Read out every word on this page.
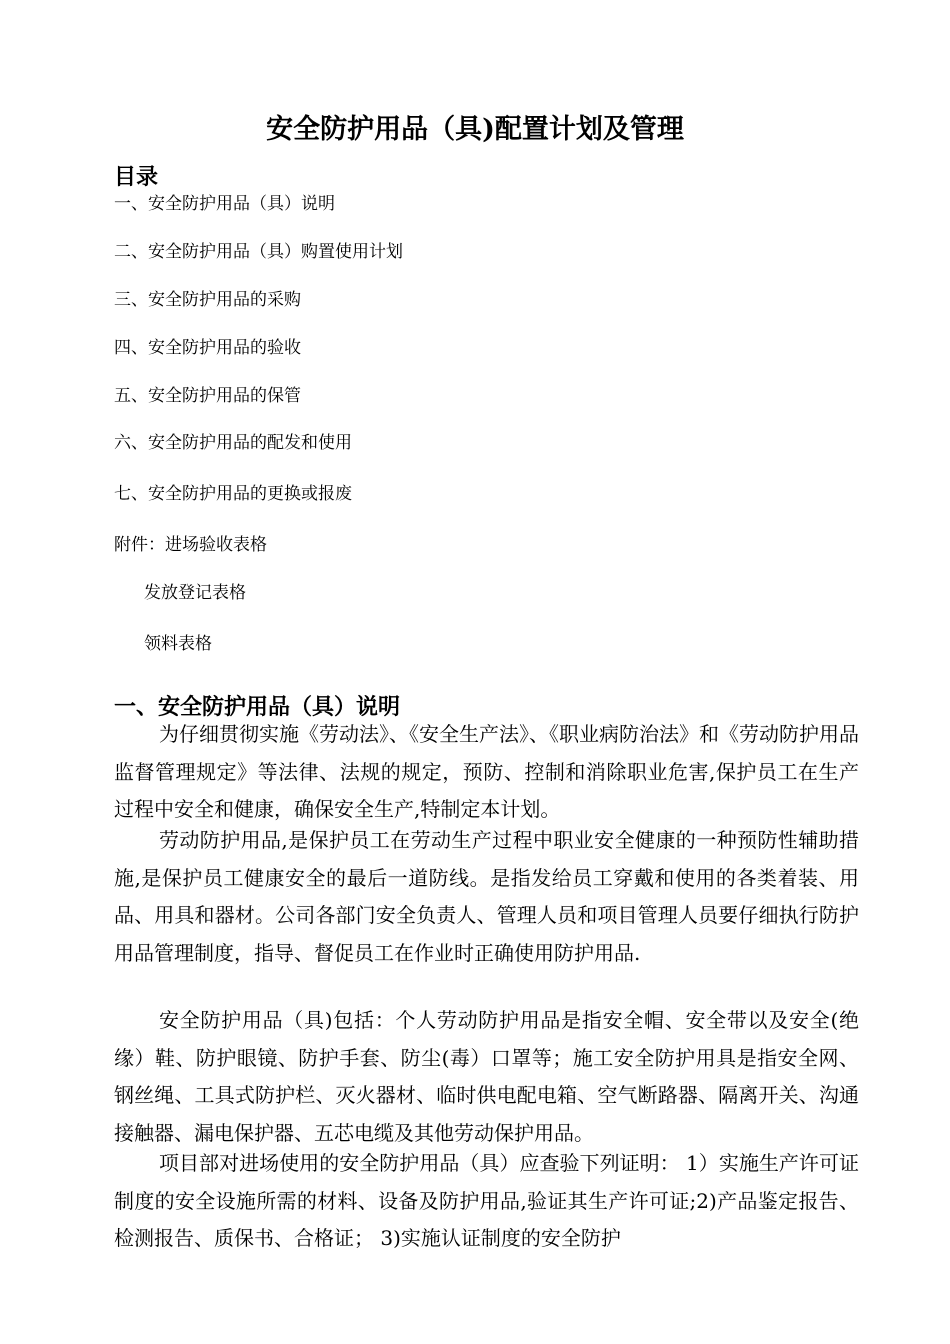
安全防护用品（具)配置计划及管理
目录
一、安全防护用品（具）说明
二、安全防护用品（具）购置使用计划
三、安全防护用品的采购
四、安全防护用品的验收
五、安全防护用品的保管
六、安全防护用品的配发和使用
七、安全防护用品的更换或报废
附件：进场验收表格
发放登记表格
领料表格
一、安全防护用品（具）说明

为仔细贯彻实施《劳动法》、《安全生产法》、《职业病防治法》和《劳动防护用品监督管理规定》等法律、法规的规定，预防、控制和消除职业危害,保护员工在生产过程中安全和健康，确保安全生产,特制定本计划。

劳动防护用品,是保护员工在劳动生产过程中职业安全健康的一种预防性辅助措施,是保护员工健康安全的最后一道防线。是指发给员工穿戴和使用的各类着装、用品、用具和器材。公司各部门安全负责人、管理人员和项目管理人员要仔细执行防护用品管理制度，指导、督促员工在作业时正确使用防护用品.

安全防护用品（具)包括：个人劳动防护用品是指安全帽、安全带以及安全(绝缘）鞋、防护眼镜、防护手套、防尘(毒）口罩等；施工安全防护用具是指安全网、钢丝绳、工具式防护栏、灭火器材、临时供电配电箱、空气断路器、隔离开关、沟通接触器、漏电保护器、五芯电缆及其他劳动保护用品。

项目部对进场使用的安全防护用品（具）应查验下列证明： 1）实施生产许可证制度的安全设施所需的材料、设备及防护用品,验证其生产许可证;2)产品鉴定报告、检测报告、质保书、合格证； 3)实施认证制度的安全防护
